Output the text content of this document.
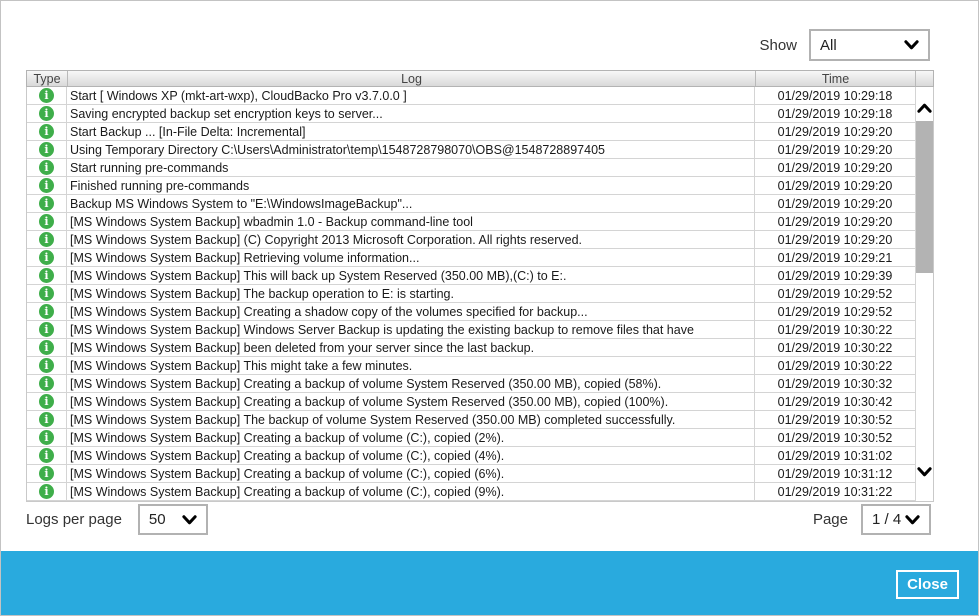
Show All
Type	Log	Time
i	Start [ Windows XP (mkt-art-wxp), CloudBacko Pro v3.7.0.0 ]	01/29/2019 10:29:18
i	Saving encrypted backup set encryption keys to server...	01/29/2019 10:29:18
i	Start Backup ... [In-File Delta: Incremental]	01/29/2019 10:29:20
i	Using Temporary Directory C:\Users\Administrator\temp\1548728798070\OBS@1548728897405	01/29/2019 10:29:20
i	Start running pre-commands	01/29/2019 10:29:20
i	Finished running pre-commands	01/29/2019 10:29:20
i	Backup MS Windows System to "E:\WindowsImageBackup"...	01/29/2019 10:29:20
i	[MS Windows System Backup] wbadmin 1.0 - Backup command-line tool	01/29/2019 10:29:20
i	[MS Windows System Backup] (C) Copyright 2013 Microsoft Corporation. All rights reserved.	01/29/2019 10:29:20
i	[MS Windows System Backup] Retrieving volume information...	01/29/2019 10:29:21
i	[MS Windows System Backup] This will back up System Reserved (350.00 MB),(C:) to E:.	01/29/2019 10:29:39
i	[MS Windows System Backup] The backup operation to E: is starting.	01/29/2019 10:29:52
i	[MS Windows System Backup] Creating a shadow copy of the volumes specified for backup...	01/29/2019 10:29:52
i	[MS Windows System Backup] Windows Server Backup is updating the existing backup to remove files that have	01/29/2019 10:30:22
i	[MS Windows System Backup] been deleted from your server since the last backup.	01/29/2019 10:30:22
i	[MS Windows System Backup] This might take a few minutes.	01/29/2019 10:30:22
i	[MS Windows System Backup] Creating a backup of volume System Reserved (350.00 MB), copied (58%).	01/29/2019 10:30:32
i	[MS Windows System Backup] Creating a backup of volume System Reserved (350.00 MB), copied (100%).	01/29/2019 10:30:42
i	[MS Windows System Backup] The backup of volume System Reserved (350.00 MB) completed successfully.	01/29/2019 10:30:52
i	[MS Windows System Backup] Creating a backup of volume (C:), copied (2%).	01/29/2019 10:30:52
i	[MS Windows System Backup] Creating a backup of volume (C:), copied (4%).	01/29/2019 10:31:02
i	[MS Windows System Backup] Creating a backup of volume (C:), copied (6%).	01/29/2019 10:31:12
i	[MS Windows System Backup] Creating a backup of volume (C:), copied (9%).	01/29/2019 10:31:22
Logs per page 50	Page 1 / 4
Close
